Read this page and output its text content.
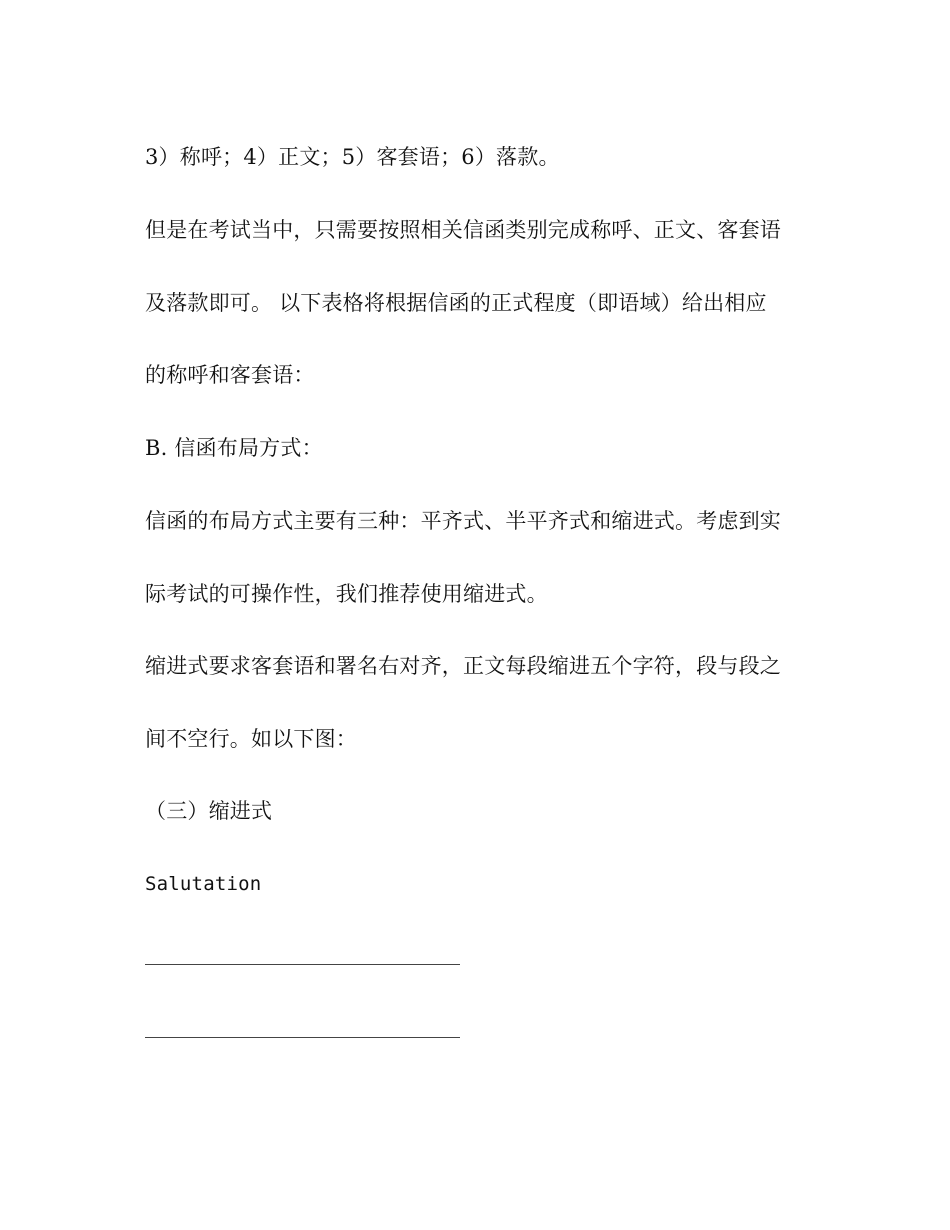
3）称呼；4）正文；5）客套语；6）落款。
但是在考试当中，只需要按照相关信函类别完成称呼、正文、客套语
及落款即可。 以下表格将根据信函的正式程度（即语域）给出相应
的称呼和客套语：
B. 信函布局方式：
信函的布局方式主要有三种：平齐式、半平齐式和缩进式。考虑到实
际考试的可操作性，我们推荐使用缩进式。
缩进式要求客套语和署名右对齐，正文每段缩进五个字符，段与段之
间不空行。如以下图：
（三）缩进式
Salutation
